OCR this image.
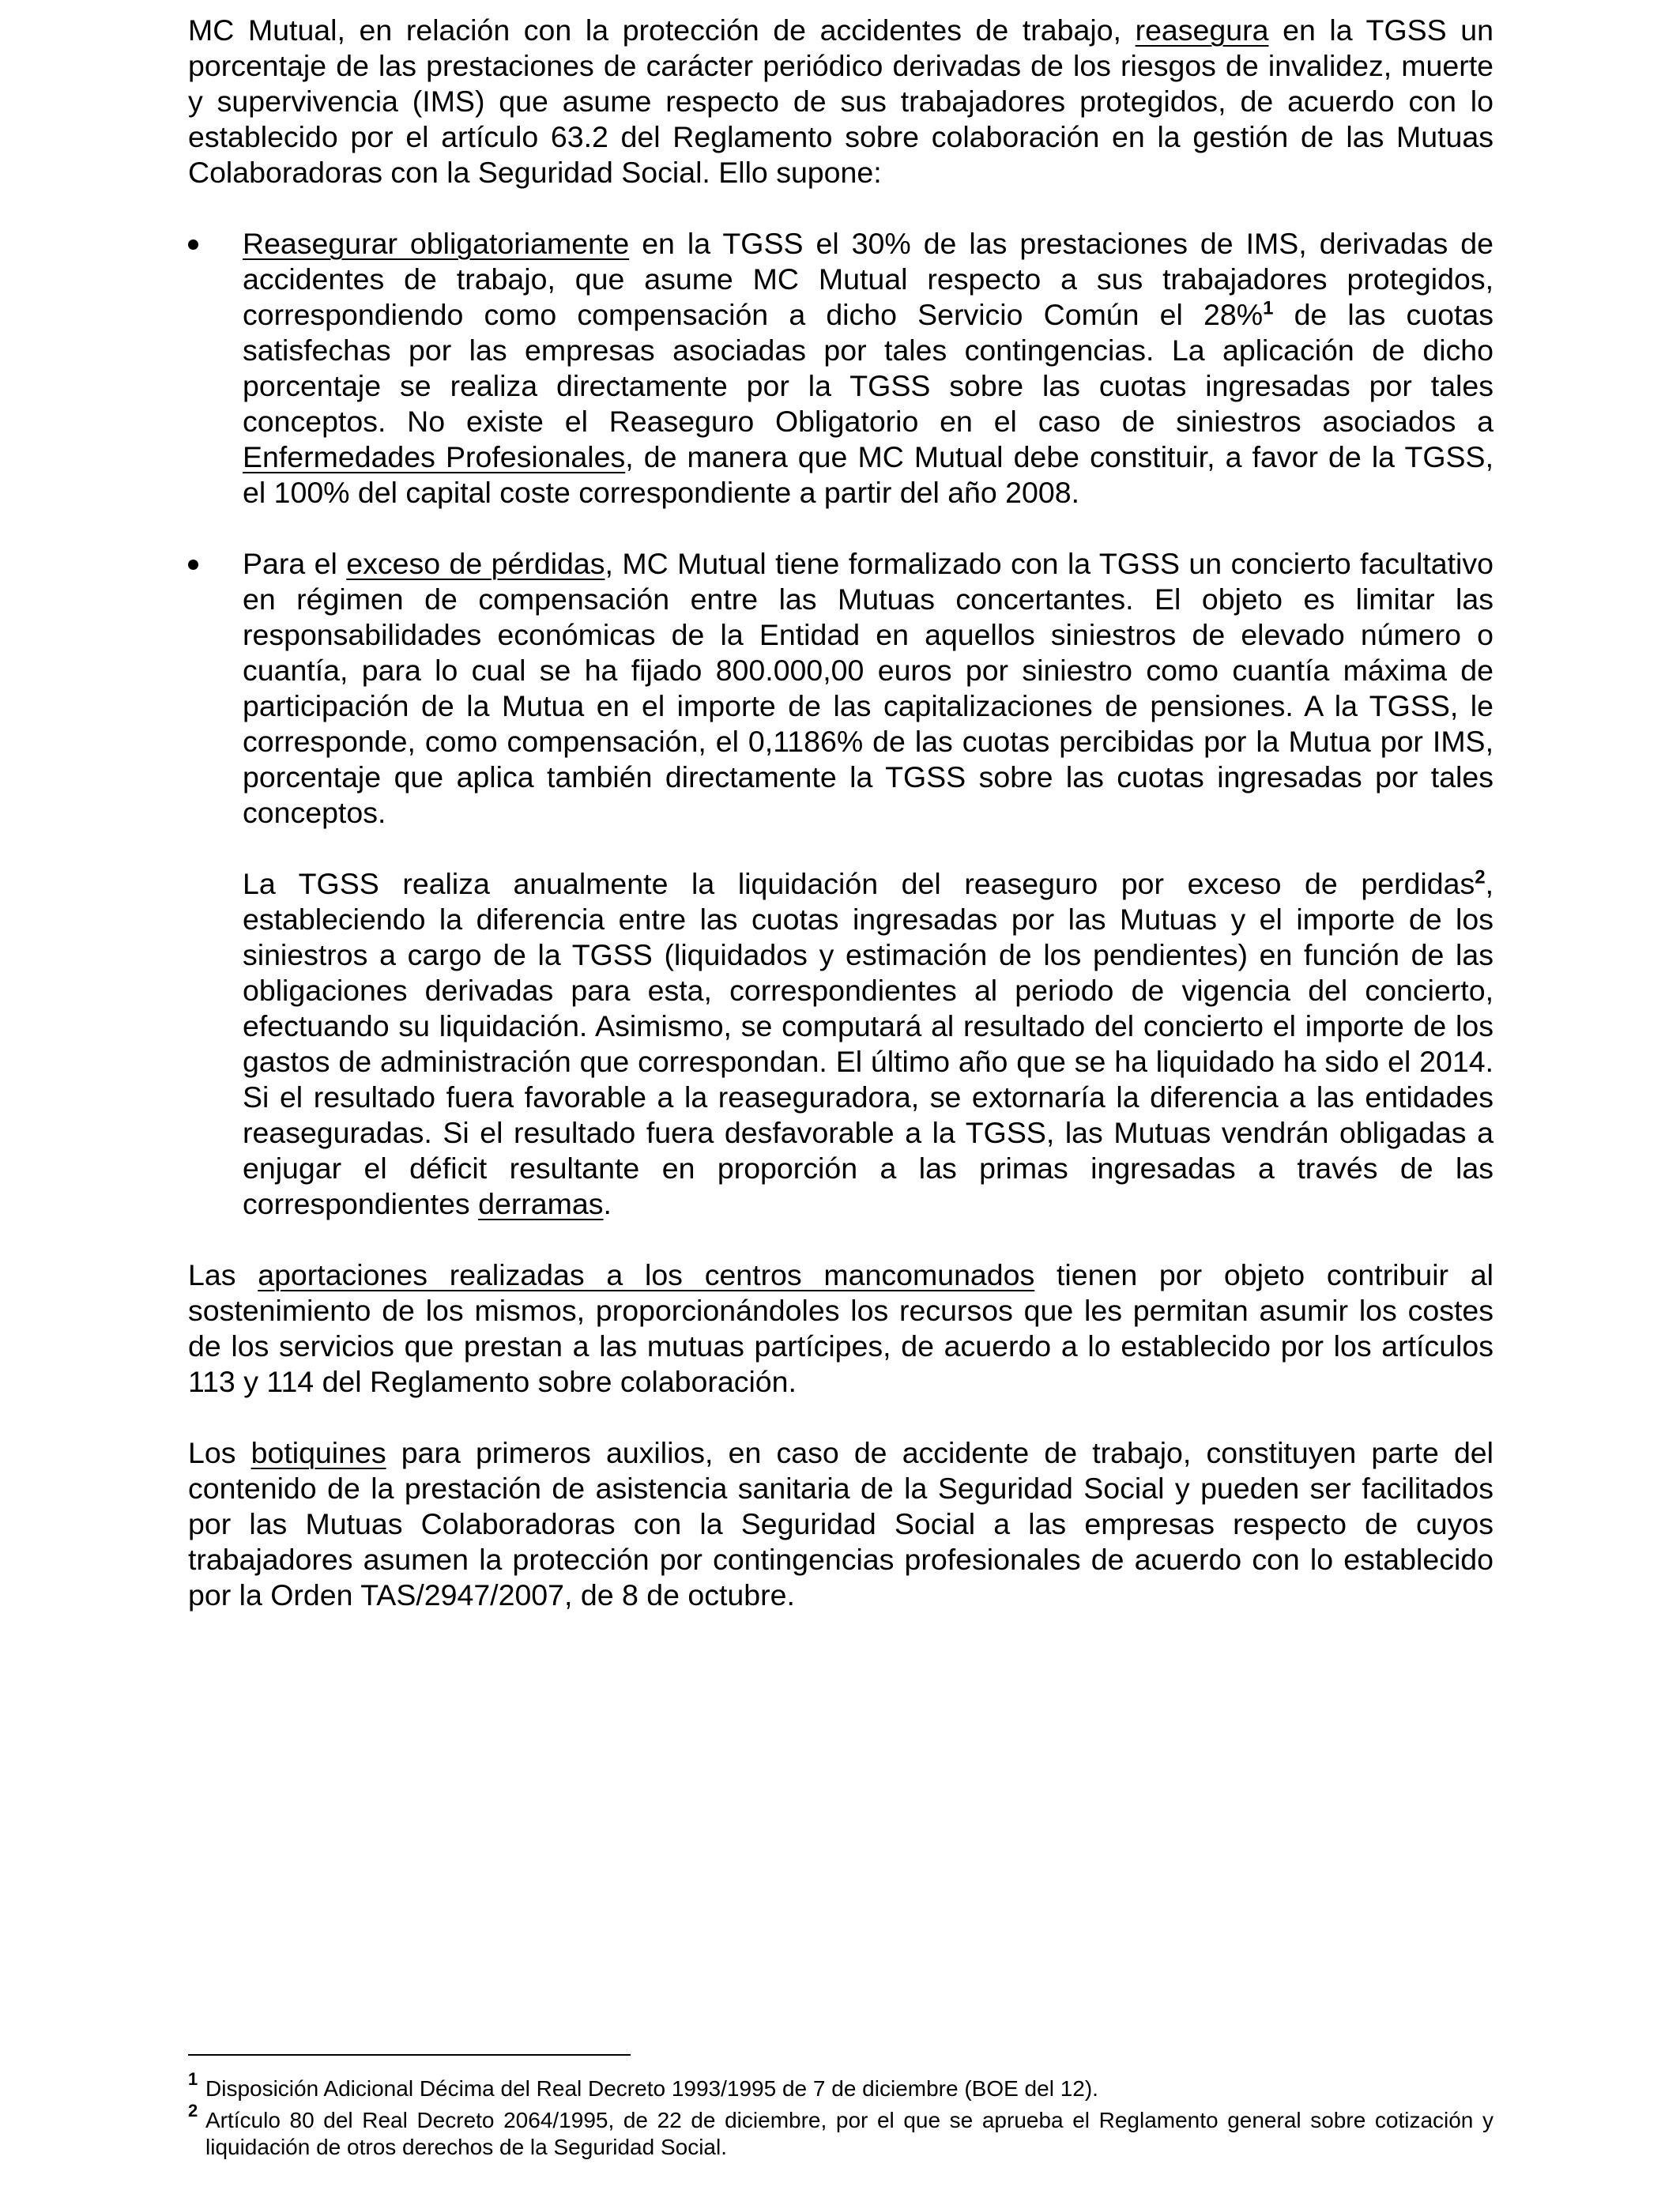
MC Mutual, en relación con la protección de accidentes de trabajo, reasegura en la TGSS un porcentaje de las prestaciones de carácter periódico derivadas de los riesgos de invalidez, muerte y supervivencia (IMS) que asume respecto de sus trabajadores protegidos, de acuerdo con lo establecido por el artículo 63.2 del Reglamento sobre colaboración en la gestión de las Mutuas Colaboradoras con la Seguridad Social. Ello supone:

Reasegurar obligatoriamente en la TGSS el 30% de las prestaciones de IMS, derivadas de accidentes de trabajo, que asume MC Mutual respecto a sus trabajadores protegidos, correspondiendo como compensación a dicho Servicio Común el 28%$^1$ de las cuotas satisfechas por las empresas asociadas por tales contingencias. La aplicación de dicho porcentaje se realiza directamente por la TGSS sobre las cuotas ingresadas por tales conceptos. No existe el Reaseguro Obligatorio en el caso de siniestros asociados a Enfermedades Profesionales, de manera que MC Mutual debe constituir, a favor de la TGSS, el 100% del capital coste correspondiente a partir del año 2008.

Para el exceso de pérdidas, MC Mutual tiene formalizado con la TGSS un concierto facultativo en régimen de compensación entre las Mutuas concertantes. El objeto es limitar las responsabilidades económicas de la Entidad en aquellos siniestros de elevado número o cuantía, para lo cual se ha fijado 800.000,00 euros por siniestro como cuantía máxima de participación de la Mutua en el importe de las capitalizaciones de pensiones. A la TGSS, le corresponde, como compensación, el 0,1186% de las cuotas percibidas por la Mutua por IMS, porcentaje que aplica también directamente la TGSS sobre las cuotas ingresadas por tales conceptos.

La TGSS realiza anualmente la liquidación del reaseguro por exceso de perdidas$^2$, estableciendo la diferencia entre las cuotas ingresadas por las Mutuas y el importe de los siniestros a cargo de la TGSS (liquidados y estimación de los pendientes) en función de las obligaciones derivadas para esta, correspondientes al periodo de vigencia del concierto, efectuando su liquidación. Asimismo, se computará al resultado del concierto el importe de los gastos de administración que correspondan. El último año que se ha liquidado ha sido el 2014. Si el resultado fuera favorable a la reaseguradora, se extornaría la diferencia a las entidades reaseguradas. Si el resultado fuera desfavorable a la TGSS, las Mutuas vendrán obligadas a enjugar el déficit resultante en proporción a las primas ingresadas a través de las correspondientes derramas.

Las aportaciones realizadas a los centros mancomunados tienen por objeto contribuir al sostenimiento de los mismos, proporcionándoles los recursos que les permitan asumir los costes de los servicios que prestan a las mutuas partícipes, de acuerdo a lo establecido por los artículos 113 y 114 del Reglamento sobre colaboración.

Los botiquines para primeros auxilios, en caso de accidente de trabajo, constituyen parte del contenido de la prestación de asistencia sanitaria de la Seguridad Social y pueden ser facilitados por las Mutuas Colaboradoras con la Seguridad Social a las empresas respecto de cuyos trabajadores asumen la protección por contingencias profesionales de acuerdo con lo establecido por la Orden TAS/2947/2007, de 8 de octubre.

1 Disposición Adicional Décima del Real Decreto 1993/1995 de 7 de diciembre (BOE del 12).
2 Artículo 80 del Real Decreto 2064/1995, de 22 de diciembre, por el que se aprueba el Reglamento general sobre cotización y liquidación de otros derechos de la Seguridad Social.
